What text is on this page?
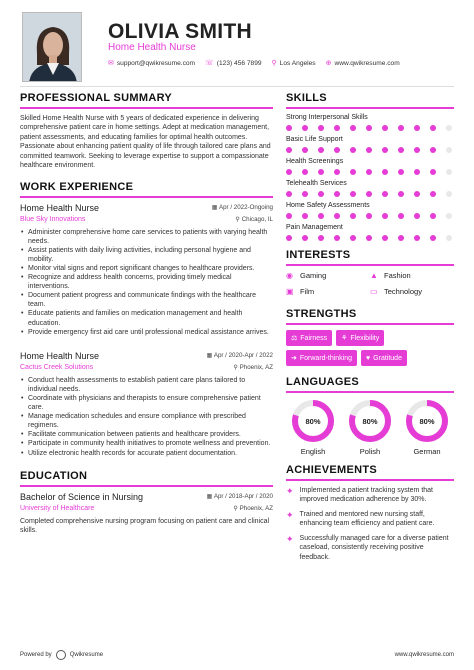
OLIVIA SMITH
Home Health Nurse
✉ support@qwikresume.com ☏ (123) 456 7899 ⚲ Los Angeles ⊕ www.qwikresume.com
PROFESSIONAL SUMMARY
Skilled Home Health Nurse with 5 years of dedicated experience in delivering comprehensive patient care in home settings. Adept at medication management, patient assessments, and educating families for optimal health outcomes. Passionate about enhancing patient quality of life through tailored care plans and committed teamwork. Seeking to leverage expertise to support a compassionate healthcare environment.
WORK EXPERIENCE
Home Health Nurse	▦ Apr / 2022-Ongoing
Blue Sky Innovations	⚲ Chicago, IL
• Administer comprehensive home care services to patients with varying health needs.
• Assist patients with daily living activities, including personal hygiene and mobility.
• Monitor vital signs and report significant changes to healthcare providers.
• Recognize and address health concerns, providing timely medical interventions.
• Document patient progress and communicate findings with the healthcare team.
• Educate patients and families on medication management and health education.
• Provide emergency first aid care until professional medical assistance arrives.
Home Health Nurse	▦ Apr / 2020-Apr / 2022
Cactus Creek Solutions	⚲ Phoenix, AZ
• Conduct health assessments to establish patient care plans tailored to individual needs.
• Coordinate with physicians and therapists to ensure comprehensive patient care.
• Manage medication schedules and ensure compliance with prescribed regimens.
• Facilitate communication between patients and healthcare providers.
• Participate in community health initiatives to promote wellness and prevention.
• Utilize electronic health records for accurate patient documentation.
EDUCATION
Bachelor of Science in Nursing	▦ Apr / 2018-Apr / 2020
University of Healthcare	⚲ Phoenix, AZ
Completed comprehensive nursing program focusing on patient care and clinical skills.
SKILLS
Strong Interpersonal Skills
Basic Life Support
Health Screenings
Telehealth Services
Home Safety Assessments
Pain Management
INTERESTS
◉ Gaming	▲ Fashion
▣ Film	▭ Technology
STRENGTHS
⚖ Fairness ⚘ Flexibility
➜ Forward-thinking ♥ Gratitude
LANGUAGES
80%
English
80%
Polish
80%
German
ACHIEVEMENTS
✦ Implemented a patient tracking system that improved medication adherence by 30%.
✦ Trained and mentored new nursing staff, enhancing team efficiency and patient care.
✦ Successfully managed care for a diverse patient caseload, consistently receiving positive feedback.
Powered by	Qwikresume	www.qwikresume.com
